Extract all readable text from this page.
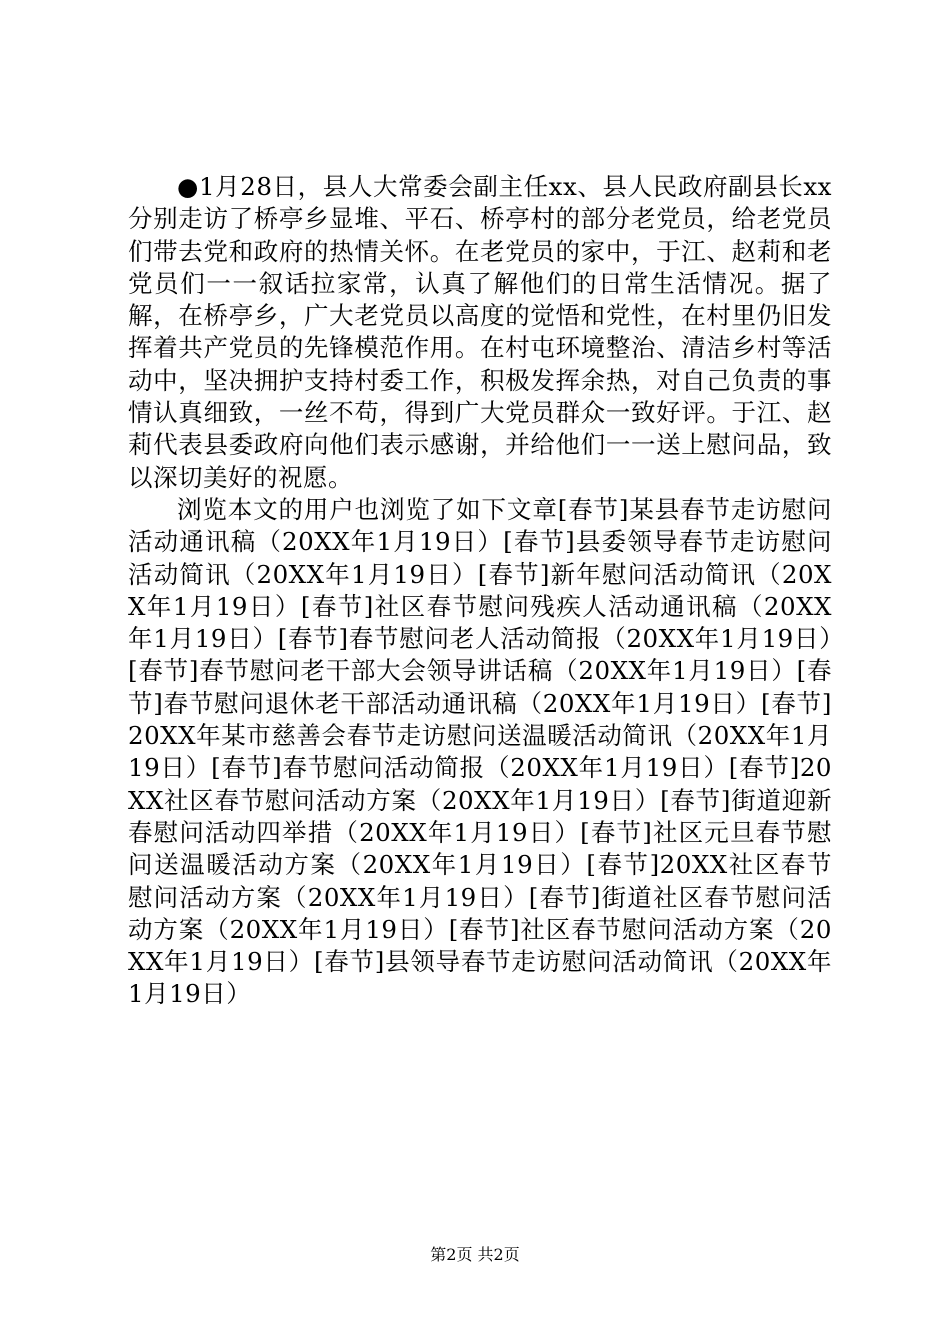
●1月28日，县人大常委会副主任xx、县人民政府副县长xx分别走访了桥亭乡显堆、平石、桥亭村的部分老党员，给老党员们带去党和政府的热情关怀。在老党员的家中，于江、赵莉和老党员们一一叙话拉家常，认真了解他们的日常生活情况。据了解，在桥亭乡，广大老党员以高度的觉悟和党性，在村里仍旧发挥着共产党员的先锋模范作用。在村屯环境整治、清洁乡村等活动中，坚决拥护支持村委工作，积极发挥余热，对自己负责的事情认真细致，一丝不苟，得到广大党员群众一致好评。于江、赵莉代表县委政府向他们表示感谢，并给他们一一送上慰问品，致以深切美好的祝愿。

浏览本文的用户也浏览了如下文章[春节]某县春节走访慰问活动通讯稿（20XX年1月19日）[春节]县委领导春节走访慰问活动简讯（20XX年1月19日）[春节]新年慰问活动简讯（20XX年1月19日）[春节]社区春节慰问残疾人活动通讯稿（20XX年1月19日）[春节]春节慰问老人活动简报（20XX年1月19日）[春节]春节慰问老干部大会领导讲话稿（20XX年1月19日）[春节]春节慰问退休老干部活动通讯稿（20XX年1月19日）[春节]20XX年某市慈善会春节走访慰问送温暖活动简讯（20XX年1月19日）[春节]春节慰问活动简报（20XX年1月19日）[春节]20XX社区春节慰问活动方案（20XX年1月19日）[春节]街道迎新春慰问活动四举措（20XX年1月19日）[春节]社区元旦春节慰问送温暖活动方案（20XX年1月19日）[春节]20XX社区春节慰问活动方案（20XX年1月19日）[春节]街道社区春节慰问活动方案（20XX年1月19日）[春节]社区春节慰问活动方案（20XX年1月19日）[春节]县领导春节走访慰问活动简讯（20XX年1月19日）

第2页 共2页
